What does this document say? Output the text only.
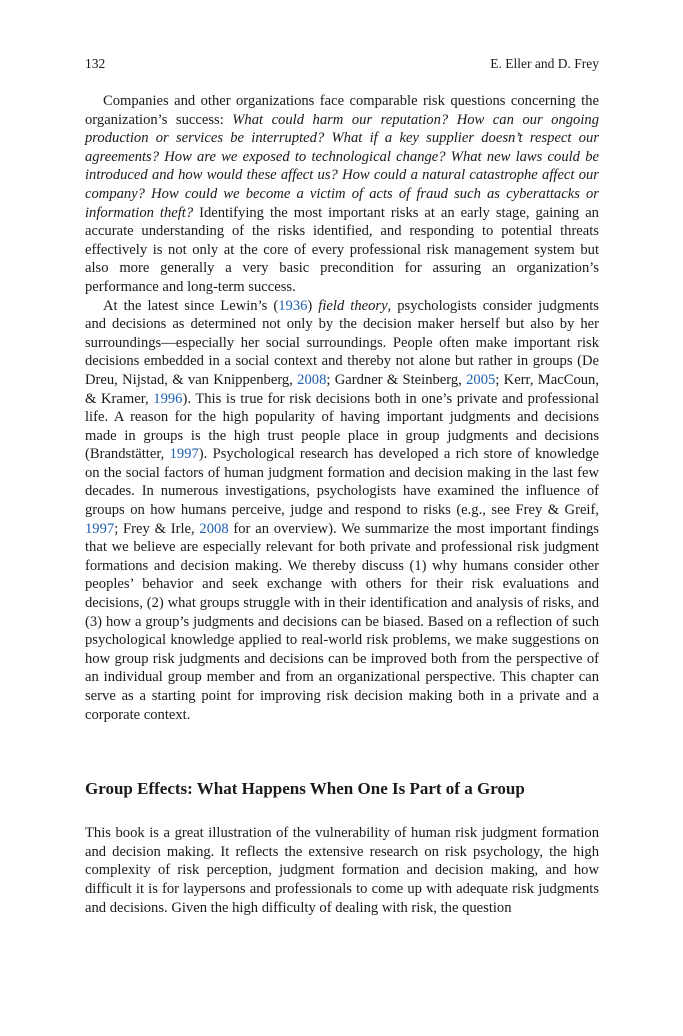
132	E. Eller and D. Frey

Companies and other organizations face comparable risk questions concerning the organization’s success: What could harm our reputation? How can our ongoing production or services be interrupted? What if a key supplier doesn’t respect our agreements? How are we exposed to technological change? What new laws could be introduced and how would these affect us? How could a natural catastrophe affect our company? How could we become a victim of acts of fraud such as cyberattacks or information theft? Identifying the most important risks at an early stage, gaining an accurate understanding of the risks identified, and responding to potential threats effectively is not only at the core of every professional risk management system but also more generally a very basic precondition for assuring an organization’s performance and long-term success.

At the latest since Lewin’s (1936) field theory, psychologists consider judgments and decisions as determined not only by the decision maker herself but also by her surroundings—especially her social surroundings. People often make important risk decisions embedded in a social context and thereby not alone but rather in groups (De Dreu, Nijstad, & van Knippenberg, 2008; Gardner & Steinberg, 2005; Kerr, MacCoun, & Kramer, 1996). This is true for risk decisions both in one’s private and professional life. A reason for the high popularity of having important judgments and decisions made in groups is the high trust people place in group judgments and decisions (Brandstätter, 1997). Psychological research has developed a rich store of knowledge on the social factors of human judgment formation and decision making in the last few decades. In numerous investigations, psychologists have examined the influence of groups on how humans perceive, judge and respond to risks (e.g., see Frey & Greif, 1997; Frey & Irle, 2008 for an overview). We summarize the most important findings that we believe are especially relevant for both private and professional risk judgment formations and decision making. We thereby discuss (1) why humans consider other peoples’ behavior and seek exchange with others for their risk evaluations and decisions, (2) what groups struggle with in their identification and analysis of risks, and (3) how a group’s judgments and decisions can be biased. Based on a reflection of such psychological knowledge applied to real-world risk problems, we make suggestions on how group risk judgments and decisions can be improved both from the perspective of an individual group member and from an organizational perspective. This chapter can serve as a starting point for improving risk decision making both in a private and a corporate context.

Group Effects: What Happens When One Is Part of a Group

This book is a great illustration of the vulnerability of human risk judgment formation and decision making. It reflects the extensive research on risk psychology, the high complexity of risk perception, judgment formation and decision making, and how difficult it is for laypersons and professionals to come up with adequate risk judgments and decisions. Given the high difficulty of dealing with risk, the question
